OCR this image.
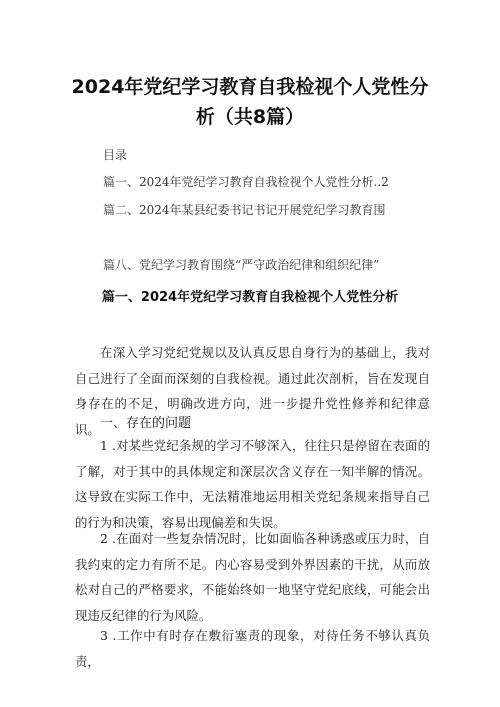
2024年党纪学习教育自我检视个人党性分析（共8篇）
目录
篇一、2024年党纪学习教育自我检视个人党性分析..2
篇二、2024年某县纪委书记书记开展党纪学习教育围
篇八、党纪学习教育围绕“严守政治纪律和组织纪律”
篇一、2024年党纪学习教育自我检视个人党性分析
在深入学习党纪党规以及认真反思自身行为的基础上，我对自己进行了全面而深刻的自我检视。通过此次剖析，旨在发现自身存在的不足，明确改进方向，进一步提升党性修养和纪律意识。 一、存在的问题
1 .对某些党纪条规的学习不够深入，往往只是停留在表面的了解，对于其中的具体规定和深层次含义存在一知半解的情况。这导致在实际工作中，无法精准地运用相关党纪条规来指导自己的行为和决策，容易出现偏差和失误。
2 .在面对一些复杂情况时，比如面临各种诱惑或压力时，自我约束的定力有所不足。内心容易受到外界因素的干扰，从而放松对自己的严格要求，不能始终如一地坚守党纪底线，可能会出现违反纪律的行为风险。
3 .工作中有时存在敷衍塞责的现象，对待任务不够认真负责，
